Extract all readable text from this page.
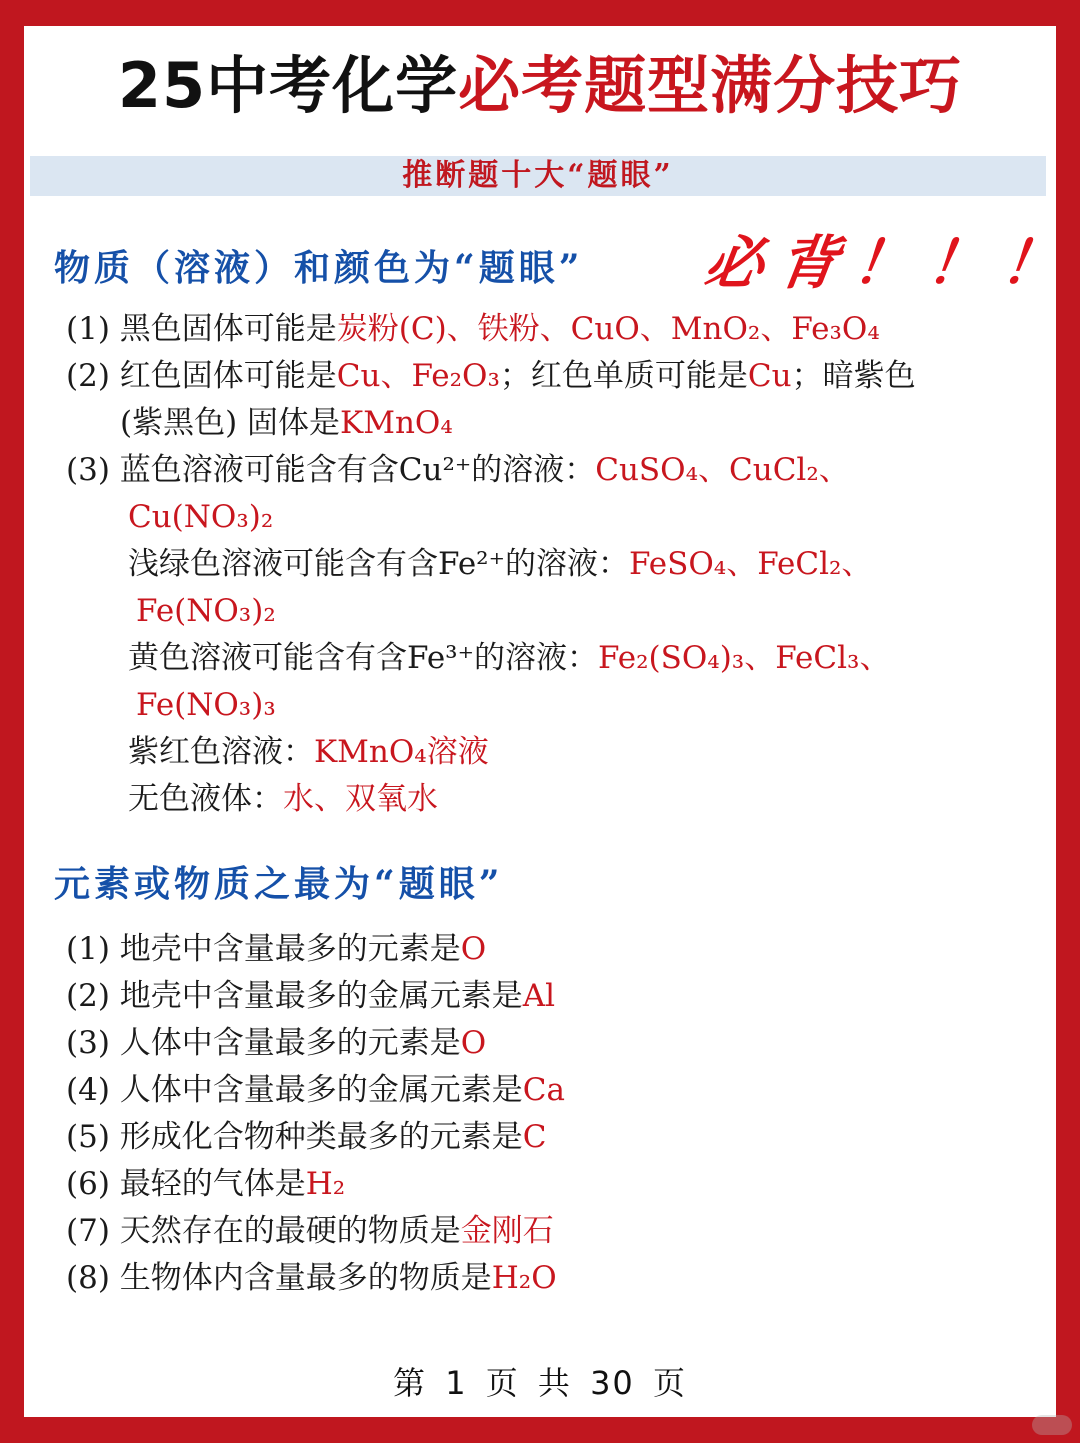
25中考化学必考题型满分技巧
推断题十大“题眼”
物质（溶液）和颜色为“题眼” 必背！！！
(1) 黑色固体可能是炭粉(C)、铁粉、CuO、MnO₂、Fe₃O₄
(2) 红色固体可能是Cu、Fe₂O₃；红色单质可能是Cu；暗紫色
(紫黑色) 固体是KMnO₄
(3) 蓝色溶液可能含有含Cu²⁺的溶液：CuSO₄、CuCl₂、
Cu(NO₃)₂
浅绿色溶液可能含有含Fe²⁺的溶液：FeSO₄、FeCl₂、
Fe(NO₃)₂
黄色溶液可能含有含Fe³⁺的溶液：Fe₂(SO₄)₃、FeCl₃、
Fe(NO₃)₃
紫红色溶液：KMnO₄溶液
无色液体：水、双氧水
元素或物质之最为“题眼”
(1) 地壳中含量最多的元素是O
(2) 地壳中含量最多的金属元素是Al
(3) 人体中含量最多的元素是O
(4) 人体中含量最多的金属元素是Ca
(5) 形成化合物种类最多的元素是C
(6) 最轻的气体是H₂
(7) 天然存在的最硬的物质是金刚石
(8) 生物体内含量最多的物质是H₂O
第 1 页 共 30 页
